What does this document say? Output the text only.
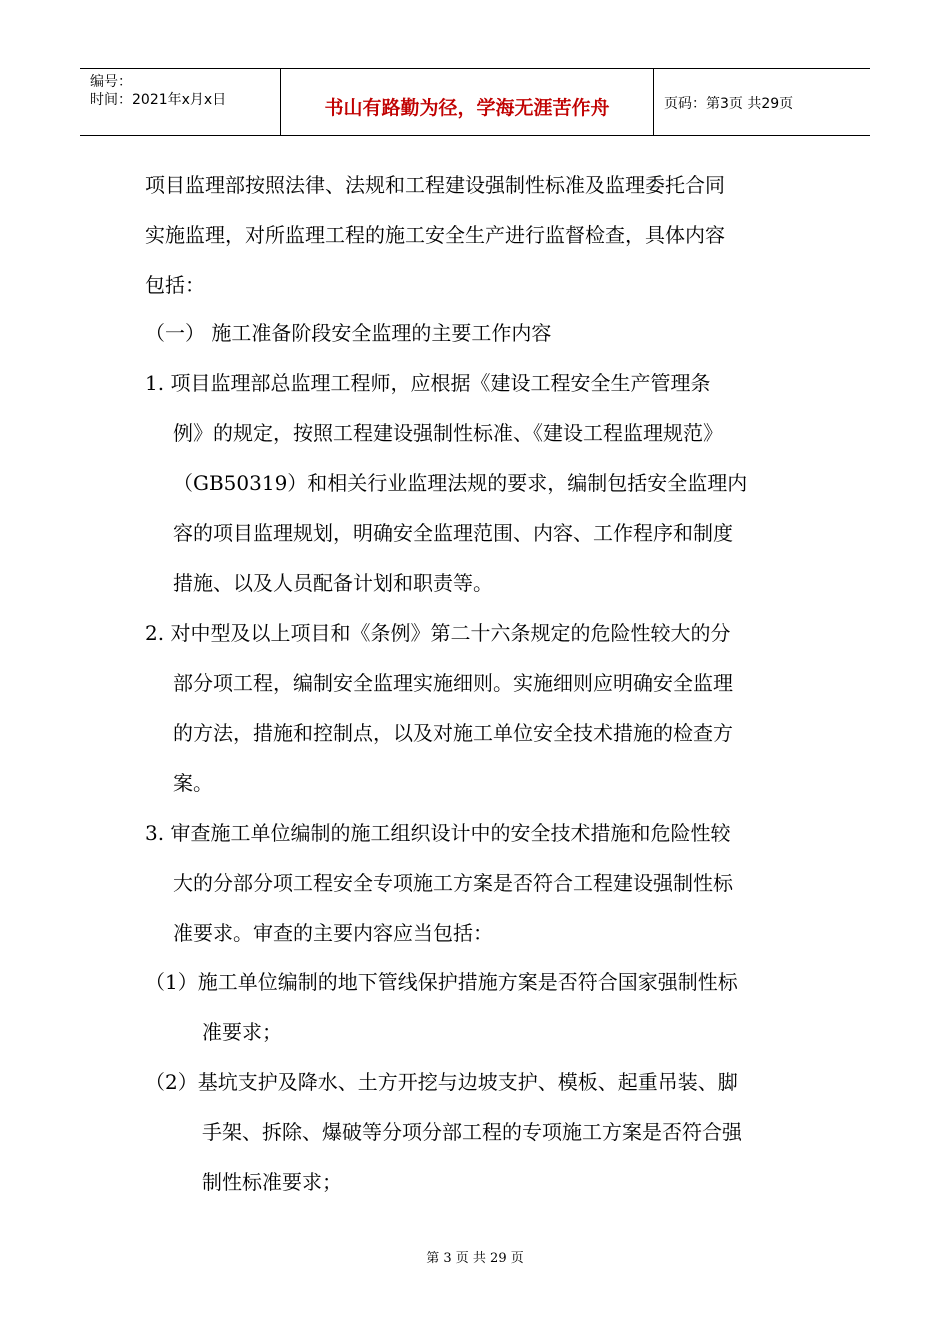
编号：
时间：2021年x月x日	书山有路勤为径，学海无涯苦作舟	页码：第3页 共29页
项目监理部按照法律、法规和工程建设强制性标准及监理委托合同
实施监理，对所监理工程的施工安全生产进行监督检查，具体内容
包括：
（一） 施工准备阶段安全监理的主要工作内容
1. 项目监理部总监理工程师，应根据《建设工程安全生产管理条
例》的规定，按照工程建设强制性标准、《建设工程监理规范》
（GB50319）和相关行业监理法规的要求，编制包括安全监理内
容的项目监理规划，明确安全监理范围、内容、工作程序和制度
措施、以及人员配备计划和职责等。
2. 对中型及以上项目和《条例》第二十六条规定的危险性较大的分
部分项工程，编制安全监理实施细则。实施细则应明确安全监理
的方法，措施和控制点，以及对施工单位安全技术措施的检查方
案。
3. 审查施工单位编制的施工组织设计中的安全技术措施和危险性较
大的分部分项工程安全专项施工方案是否符合工程建设强制性标
准要求。审查的主要内容应当包括：
（1）施工单位编制的地下管线保护措施方案是否符合国家强制性标
准要求；
（2）基坑支护及降水、土方开挖与边坡支护、模板、起重吊装、脚
手架、拆除、爆破等分项分部工程的专项施工方案是否符合强
制性标准要求；
第 3 页 共 29 页
